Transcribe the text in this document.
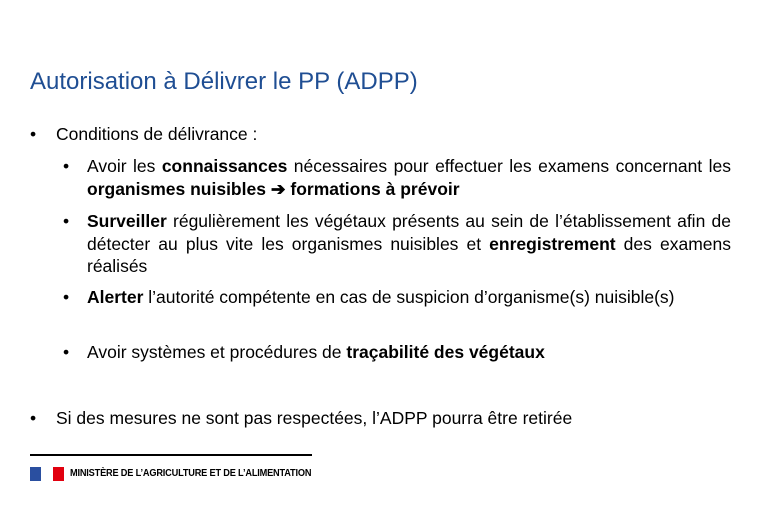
Autorisation à Délivrer le PP (ADPP)
• Conditions de délivrance :
• Avoir les connaissances nécessaires pour effectuer les examens concernant les organismes nuisibles ➔ formations à prévoir
• Surveiller régulièrement les végétaux présents au sein de l’établissement afin de détecter au plus vite les organismes nuisibles et enregistrement des examens réalisés
• Alerter l’autorité compétente en cas de suspicion d’organisme(s) nuisible(s)
• Avoir systèmes et procédures de traçabilité des végétaux
• Si des mesures ne sont pas respectées, l’ADPP pourra être retirée
MINISTÈRE DE L’AGRICULTURE ET DE L’ALIMENTATION
